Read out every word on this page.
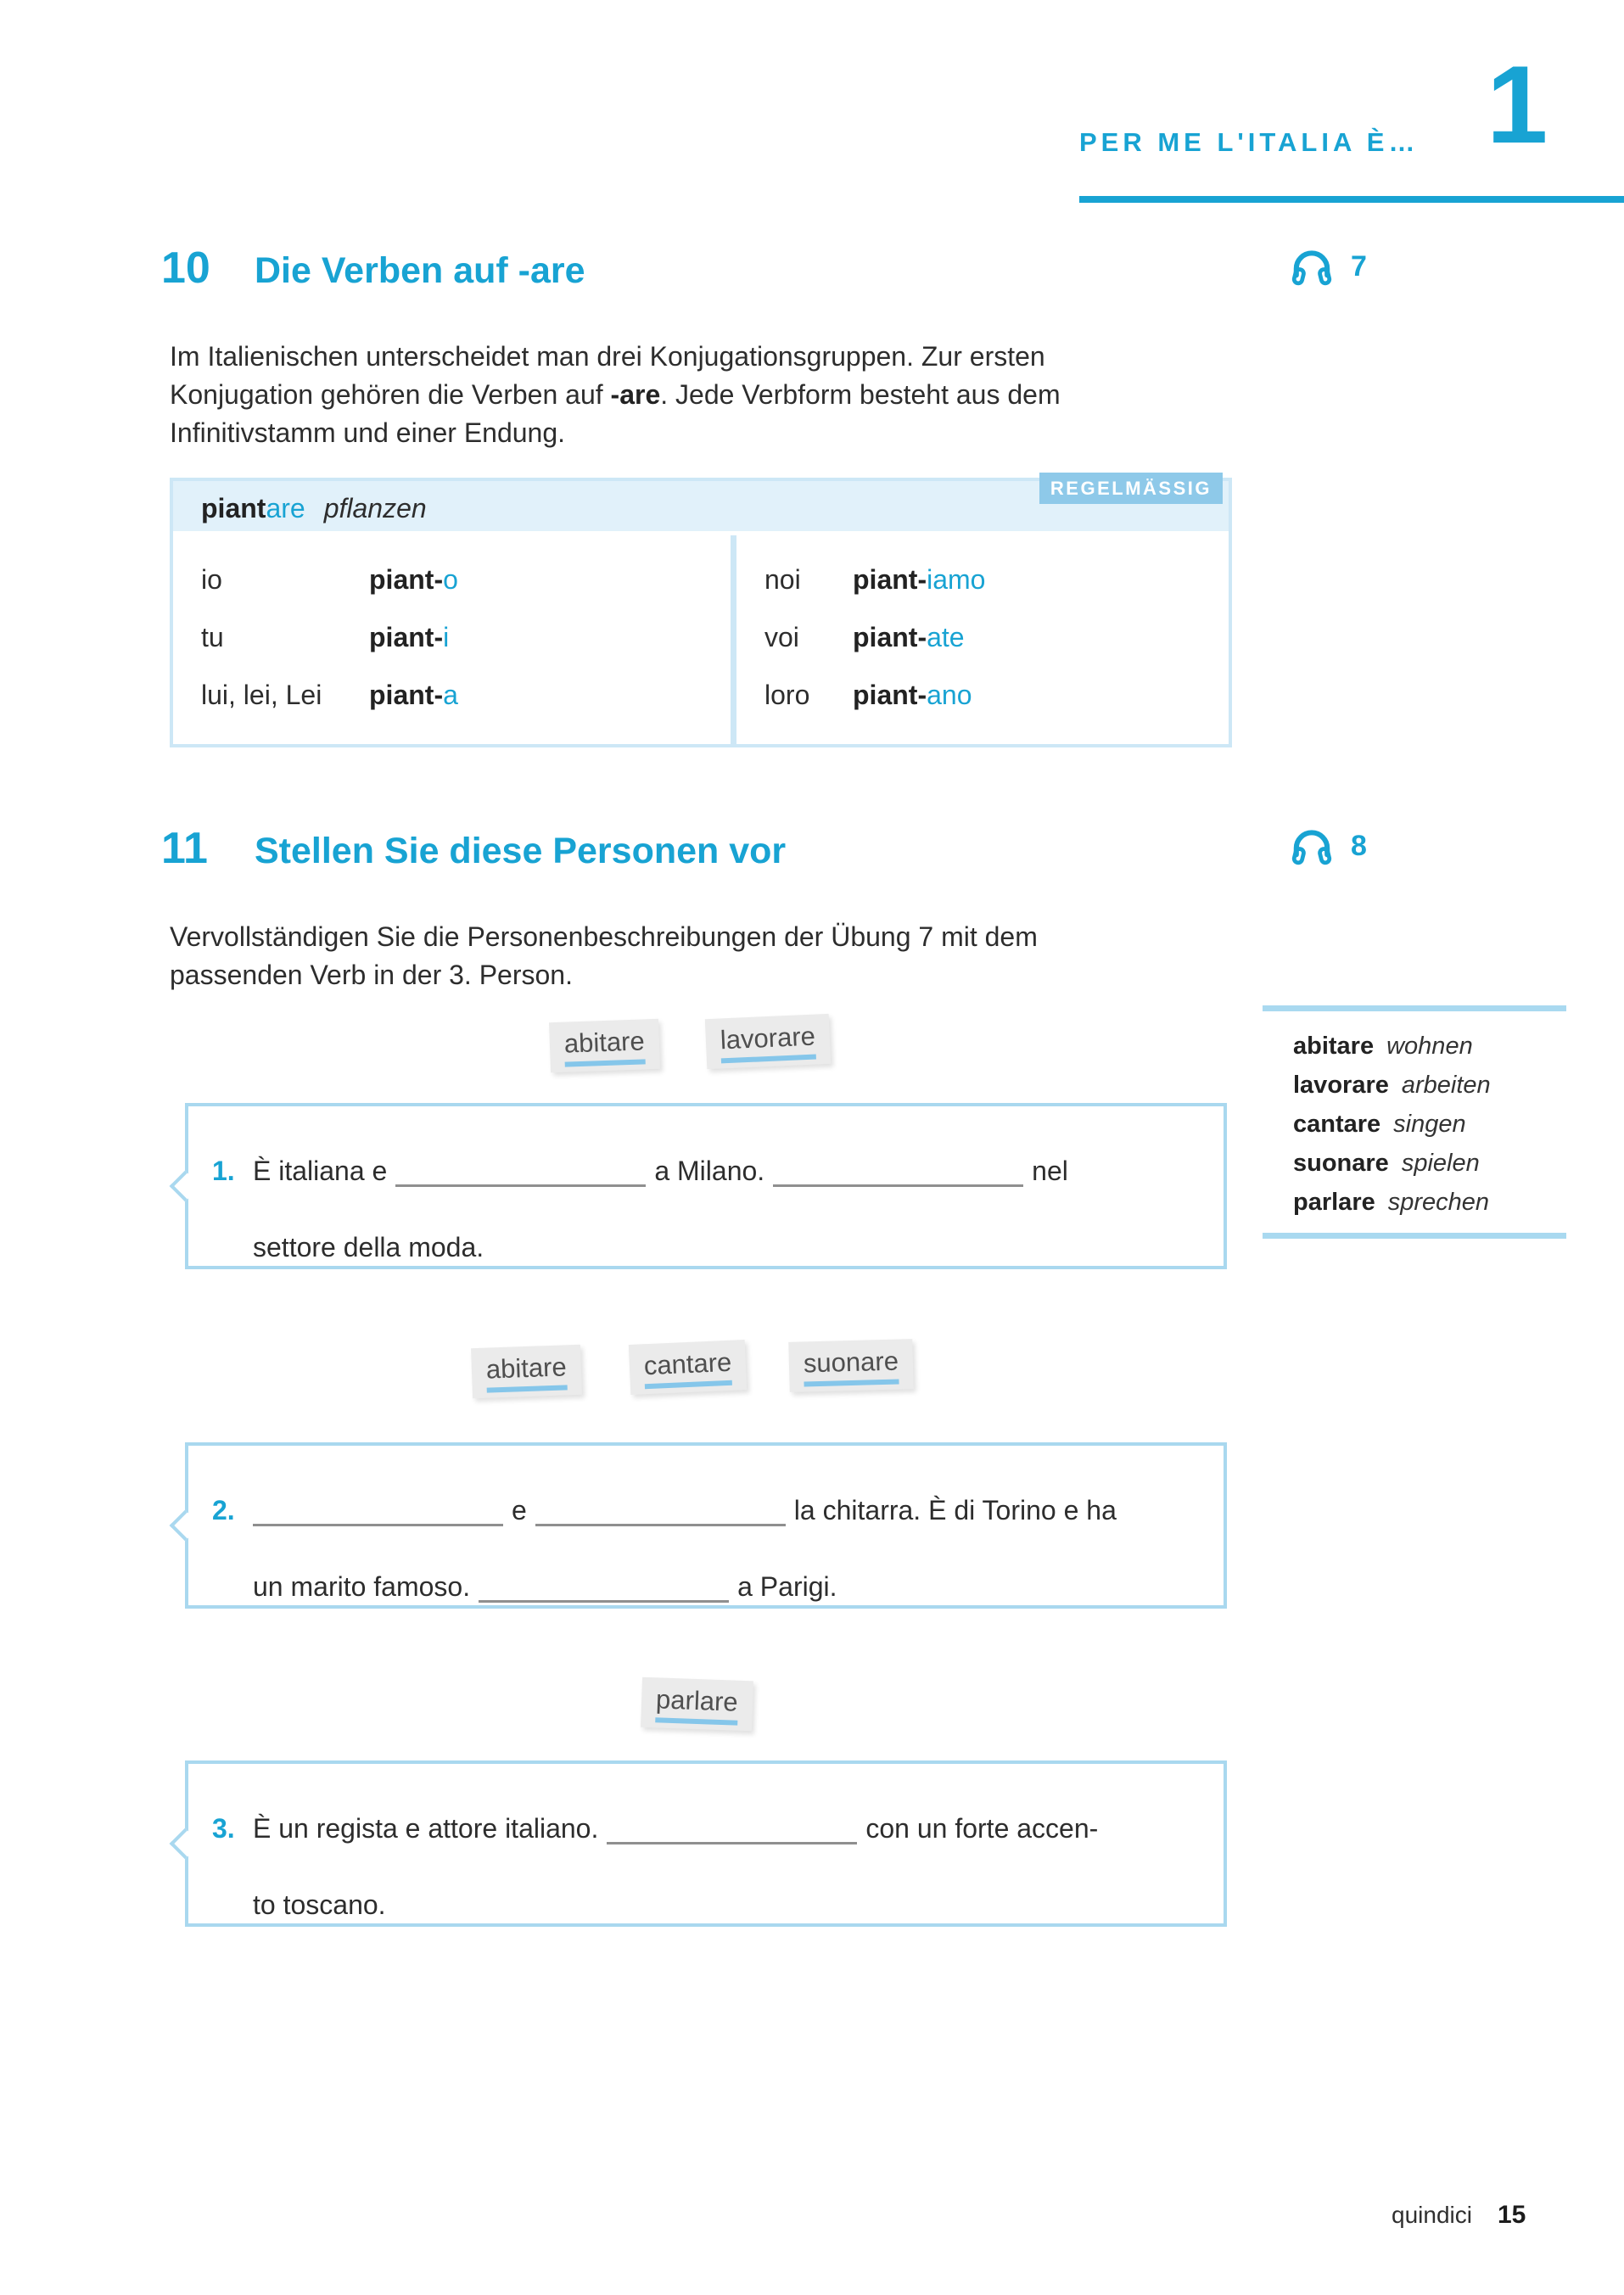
PER ME L'ITALIA È… 1
10	Die Verben auf -are	7

Im Italienischen unterscheidet man drei Konjugationsgruppen. Zur ersten
Konjugation gehören die Verben auf -are. Jede Verbform besteht aus dem
Infinitivstamm und einer Endung.

REGELMÄSSIG
piantare pflanzen
io	piant-o
tu	piant-i
lui, lei, Lei	piant-a
noi	piant-iamo
voi	piant-ate
loro	piant-ano
11	Stellen Sie diese Personen vor	8

Vervollständigen Sie die Personenbeschreibungen der Übung 7 mit dem
passenden Verb in der 3. Person.

abitare	lavorare	abitare wohnen
lavorare arbeiten
cantare singen
suonare spielen
parlare sprechen
1. È italiana e	a Milano.	nel
settore della moda.
abitare	cantare	suonare
2.	e	la chitarra. È di Torino e ha
un marito famoso.	a Parigi.
parlare
3. È un regista e attore italiano.	con un forte accen-
to toscano.
quindici 15
